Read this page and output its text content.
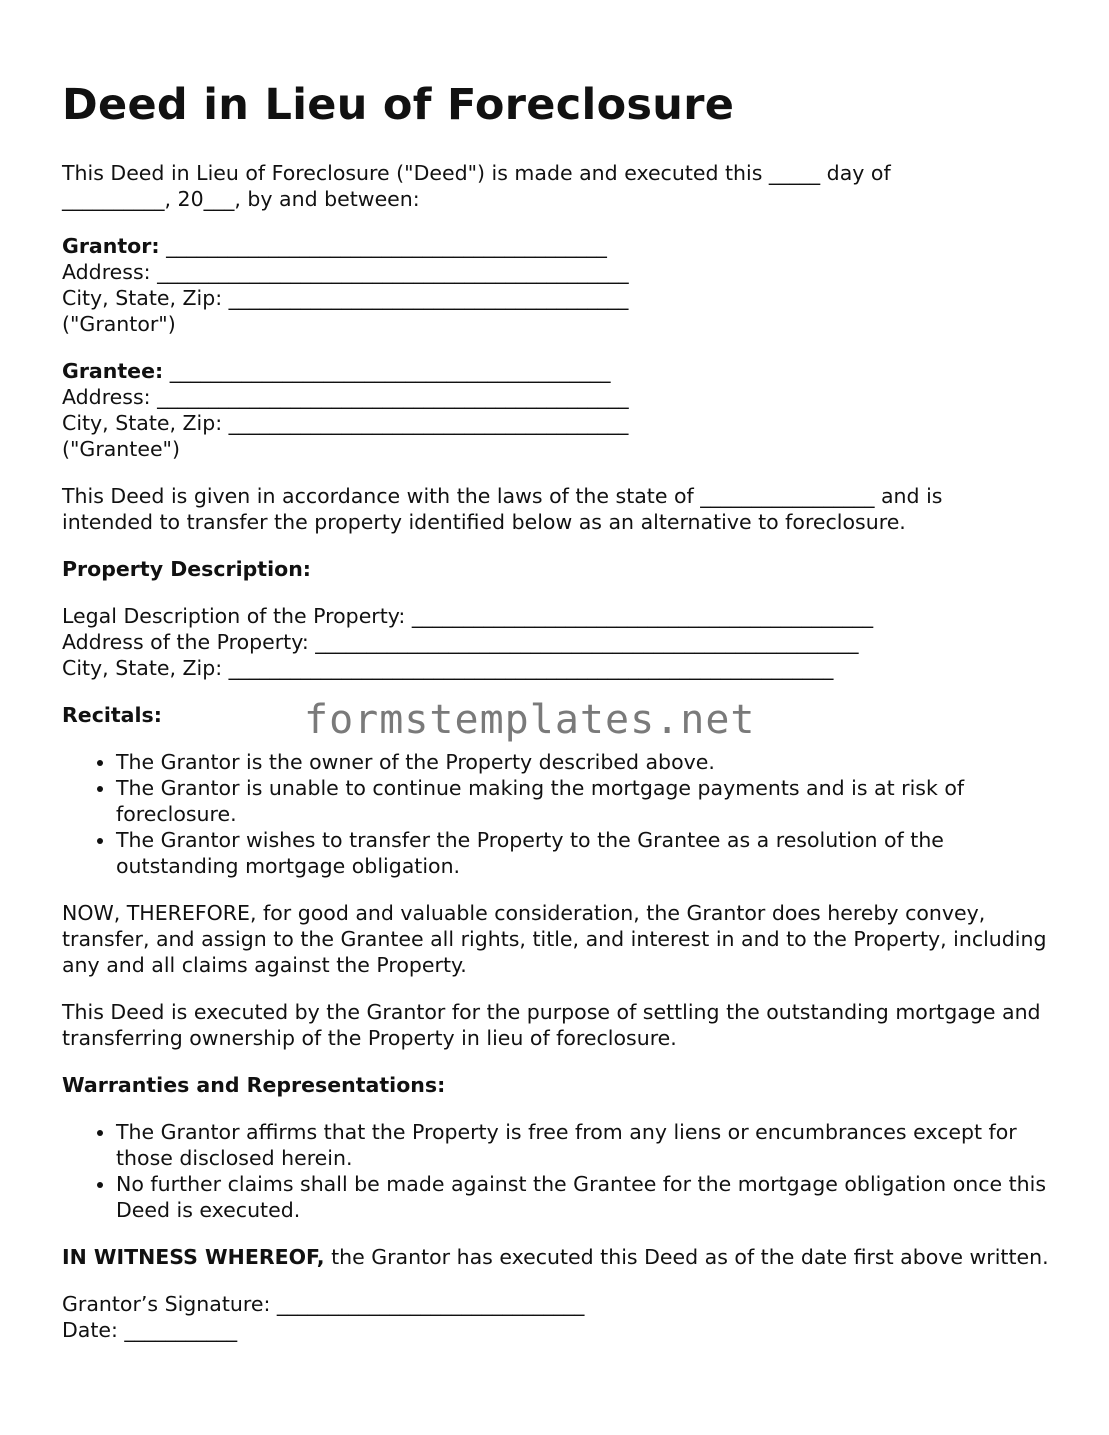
Deed in Lieu of Foreclosure

This Deed in Lieu of Foreclosure ("Deed") is made and executed this _____ day of

__________, 20___, by and between:

Grantor: ___________________________________________

Address: ______________________________________________

City, State, Zip: _______________________________________

("Grantor")

Grantee: ___________________________________________

Address: ______________________________________________

City, State, Zip: _______________________________________

("Grantee")

This Deed is given in accordance with the laws of the state of _________________ and is

intended to transfer the property identified below as an alternative to foreclosure.

Property Description:

Legal Description of the Property: _____________________________________________

Address of the Property: _____________________________________________________

City, State, Zip: ___________________________________________________________

Recitals:

• The Grantor is the owner of the Property described above.
• The Grantor is unable to continue making the mortgage payments and is at risk of foreclosure.
• The Grantor wishes to transfer the Property to the Grantee as a resolution of the outstanding mortgage obligation.

NOW, THEREFORE, for good and valuable consideration, the Grantor does hereby convey, transfer, and assign to the Grantee all rights, title, and interest in and to the Property, including any and all claims against the Property.

This Deed is executed by the Grantor for the purpose of settling the outstanding mortgage and transferring ownership of the Property in lieu of foreclosure.

Warranties and Representations:

• The Grantor affirms that the Property is free from any liens or encumbrances except for those disclosed herein.
• No further claims shall be made against the Grantee for the mortgage obligation once this Deed is executed.

IN WITNESS WHEREOF, the Grantor has executed this Deed as of the date first above written.

Grantor’s Signature: ______________________________

Date: ___________

formstemplates.net
